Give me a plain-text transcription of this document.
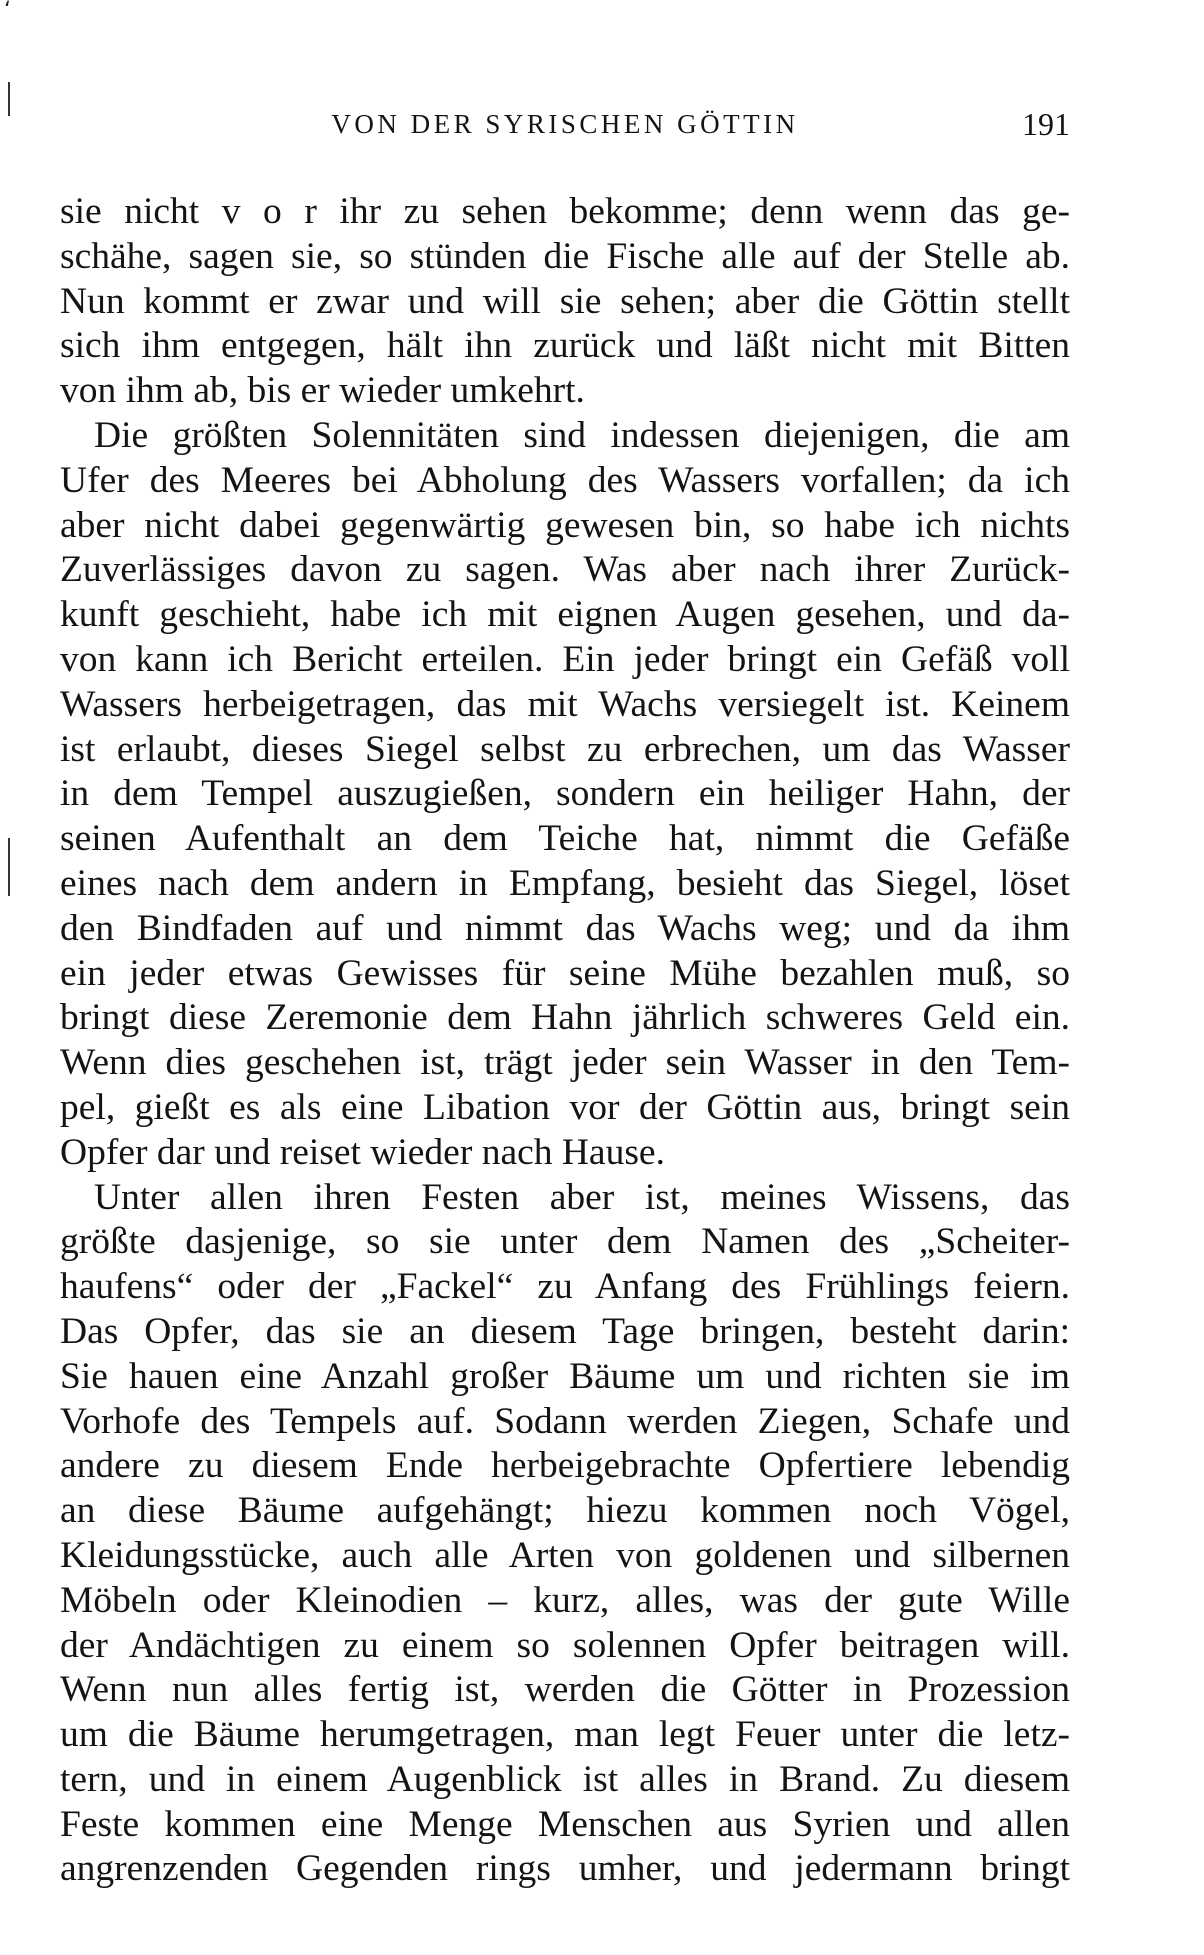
ʻ
VON DER SYRISCHEN GÖTTIN	191
sie nicht v o r ihr zu sehen bekomme; denn wenn das ge-
schähe, sagen sie, so stünden die Fische alle auf der Stelle ab.
Nun kommt er zwar und will sie sehen; aber die Göttin stellt
sich ihm entgegen, hält ihn zurück und läßt nicht mit Bitten
von ihm ab, bis er wieder umkehrt.
Die größten Solennitäten sind indessen diejenigen, die am
Ufer des Meeres bei Abholung des Wassers vorfallen; da ich
aber nicht dabei gegenwärtig gewesen bin, so habe ich nichts
Zuverlässiges davon zu sagen. Was aber nach ihrer Zurück-
kunft geschieht, habe ich mit eignen Augen gesehen, und da-
von kann ich Bericht erteilen. Ein jeder bringt ein Gefäß voll
Wassers herbeigetragen, das mit Wachs versiegelt ist. Keinem
ist erlaubt, dieses Siegel selbst zu erbrechen, um das Wasser
in dem Tempel auszugießen, sondern ein heiliger Hahn, der
seinen Aufenthalt an dem Teiche hat, nimmt die Gefäße
eines nach dem andern in Empfang, besieht das Siegel, löset
den Bindfaden auf und nimmt das Wachs weg; und da ihm
ein jeder etwas Gewisses für seine Mühe bezahlen muß, so
bringt diese Zeremonie dem Hahn jährlich schweres Geld ein.
Wenn dies geschehen ist, trägt jeder sein Wasser in den Tem-
pel, gießt es als eine Libation vor der Göttin aus, bringt sein
Opfer dar und reiset wieder nach Hause.
Unter allen ihren Festen aber ist, meines Wissens, das
größte dasjenige, so sie unter dem Namen des „Scheiter-
haufens“ oder der „Fackel“ zu Anfang des Frühlings feiern.
Das Opfer, das sie an diesem Tage bringen, besteht darin:
Sie hauen eine Anzahl großer Bäume um und richten sie im
Vorhofe des Tempels auf. Sodann werden Ziegen, Schafe und
andere zu diesem Ende herbeigebrachte Opfertiere lebendig
an diese Bäume aufgehängt; hiezu kommen noch Vögel,
Kleidungsstücke, auch alle Arten von goldenen und silbernen
Möbeln oder Kleinodien – kurz, alles, was der gute Wille
der Andächtigen zu einem so solennen Opfer beitragen will.
Wenn nun alles fertig ist, werden die Götter in Prozession
um die Bäume herumgetragen, man legt Feuer unter die letz-
tern, und in einem Augenblick ist alles in Brand. Zu diesem
Feste kommen eine Menge Menschen aus Syrien und allen
angrenzenden Gegenden rings umher, und jedermann bringt
